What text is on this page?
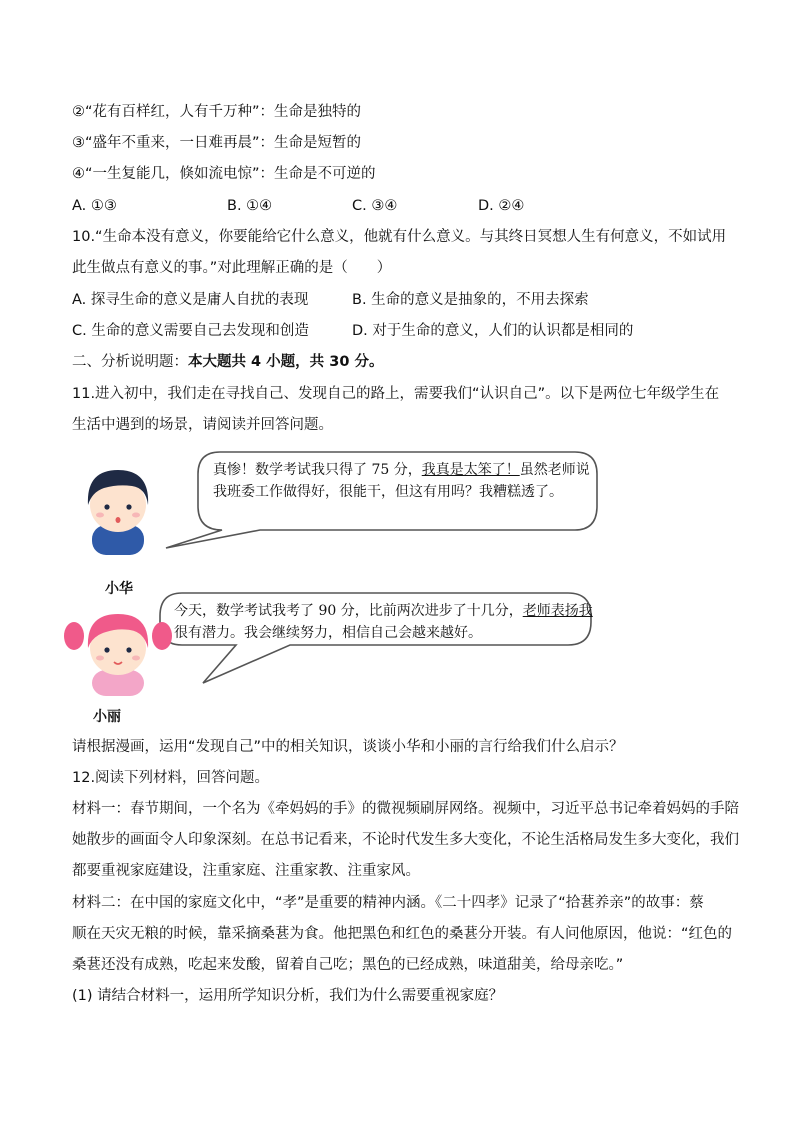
②“花有百样红，人有千万种”：生命是独特的
③“盛年不重来，一日难再晨”：生命是短暂的
④“一生复能几，倏如流电惊”：生命是不可逆的
A. ①③	B. ①④	C. ③④	D. ②④
10.“生命本没有意义，你要能给它什么意义，他就有什么意义。与其终日冥想人生有何意义，不如试用
此生做点有意义的事。”对此理解正确的是（　　）
A. 探寻生命的意义是庸人自扰的表现	B. 生命的意义是抽象的，不用去探索
C. 生命的意义需要自己去发现和创造	D. 对于生命的意义，人们的认识都是相同的
二、分析说明题：本大题共 4 小题，共 30 分。
11.进入初中，我们走在寻找自己、发现自己的路上，需要我们“认识自己”。以下是两位七年级学生在
生活中遇到的场景，请阅读并回答问题。
真惨！数学考试我只得了 75 分，我真是太笨了！虽然老师说
我班委工作做得好，很能干，但这有用吗？我糟糕透了。
今天，数学考试我考了 90 分，比前两次进步了十几分，老师表扬我
很有潜力。我会继续努力，相信自己会越来越好。
小华
小丽
请根据漫画，运用“发现自己”中的相关知识，谈谈小华和小丽的言行给我们什么启示？
12.阅读下列材料，回答问题。
材料一：春节期间，一个名为《牵妈妈的手》的微视频刷屏网络。视频中，习近平总书记牵着妈妈的手陪
她散步的画面令人印象深刻。在总书记看来，不论时代发生多大变化，不论生活格局发生多大变化，我们
都要重视家庭建设，注重家庭、注重家教、注重家风。
材料二：在中国的家庭文化中，“孝”是重要的精神内涵。《二十四孝》记录了“拾葚养亲”的故事：蔡
顺在天灾无粮的时候，靠采摘桑葚为食。他把黑色和红色的桑葚分开装。有人问他原因，他说：“红色的
桑葚还没有成熟，吃起来发酸，留着自己吃；黑色的已经成熟，味道甜美，给母亲吃。”
(1) 请结合材料一，运用所学知识分析，我们为什么需要重视家庭？
